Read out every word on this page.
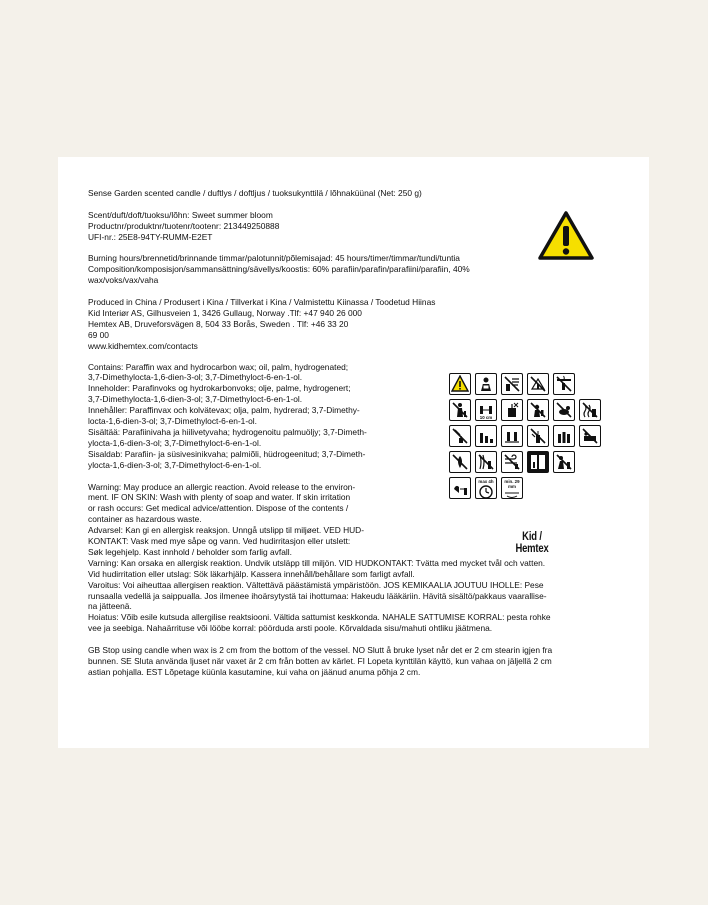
Sense Garden scented candle / duftlys / doftljus / tuoksukynttilä / lõhnaküünal (Net: 250 g)

Scent/duft/doft/tuoksu/lõhn: Sweet summer bloom

Productnr/produktnr/tuotenr/tootenr: 213449250888

UFI-nr.: 25E8-94TY-RUMM-E2ET

Burning hours/brennetid/brinnande timmar/palotunnit/põlemisajad: 45 hours/timer/timmar/tundi/tuntia

Composition/komposisjon/sammansättning/sävellys/koostis: 60% parafiin/parafin/parafiini/parafiin, 40%
wax/voks/vax/vaha

Produced in China / Produsert i Kina / Tillverkat i Kina / Valmistettu Kiinassa / Toodetud Hiinas

Kid Interiør AS, Gilhusveien 1, 3426 Gullaug, Norway .Tlf: +47 940 26 000

Hemtex AB, Druveforsvägen 8, 504 33 Borås, Sweden . Tlf: +46 33 20
69 00

www.kidhemtex.com/contacts

Contains: Paraffin wax and hydrocarbon wax; oil, palm, hydrogenated;
3,7-Dimethylocta-1,6-dien-3-ol; 3,7-Dimethyloct-6-en-1-ol.

Inneholder: Parafinvoks og hydrokarbonvoks; olje, palme, hydrogenert;
3,7-Dimethylocta-1,6-dien-3-ol; 3,7-Dimethyloct-6-en-1-ol.

Innehåller: Paraffinvax och kolvätevax; olja, palm, hydrerad; 3,7-Dimethy-
locta-1,6-dien-3-ol; 3,7-Dimethyloct-6-en-1-ol.

Sisältää: Parafiinivaha ja hiilivetyvaha; hydrogenoitu palmuöljy; 3,7-Dimeth-
ylocta-1,6-dien-3-ol; 3,7-Dimethyloct-6-en-1-ol.

Sisaldab: Parafiin- ja süsivesinikvaha; palmiõli, hüdrogeenitud; 3,7-Dimeth-
ylocta-1,6-dien-3-ol; 3,7-Dimethyloct-6-en-1-ol.

Warning: May produce an allergic reaction. Avoid release to the environ-
ment. IF ON SKIN: Wash with plenty of soap and water. If skin irritation
or rash occurs: Get medical advice/attention. Dispose of the contents /
container as hazardous waste.

Advarsel: Kan gi en allergisk reaksjon. Unngå utslipp til miljøet. VED HUD-
KONTAKT: Vask med mye såpe og vann. Ved hudirritasjon eller utslett:
Søk legehjelp. Kast innhold / beholder som farlig avfall.

Varning: Kan orsaka en allergisk reaktion. Undvik utsläpp till miljön. VID HUDKONTAKT: Tvätta med mycket tvål och vatten.
Vid hudirritation eller utslag: Sök läkarhjälp. Kassera innehåll/behållare som farligt avfall.

Varoitus: Voi aiheuttaa allergisen reaktion. Vältettävä päästämistä ympäristöön. JOS KEMIKAALIA JOUTUU IHOLLE: Pese
runsaalla vedellä ja saippualla. Jos ilmenee ihoärsytystä tai ihottumaa: Hakeudu lääkäriin. Hävitä sisältö/pakkaus vaarallise-
na jätteenä.

Hoiatus: Võib esile kutsuda allergilise reaktsiooni. Vältida sattumist keskkonda. NAHALE SATTUMISE KORRAL: pesta rohke
vee ja seebiga. Nahaärrituse või lööbe korral: pöörduda arsti poole. Kõrvaldada sisu/mahuti ohtliku jäätmena.

GB Stop using candle when wax is 2 cm from the bottom of the vessel. NO Slutt å bruke lyset når det er 2 cm stearin igjen fra
bunnen. SE Sluta använda ljuset när vaxet är 2 cm från botten av kärlet. FI Lopeta kynttilän käyttö, kun vahaa on jäljellä 2 cm
astian pohjalla. EST Lõpetage küünla kasutamine, kui vaha on jäänud anuma põhja 2 cm.

10 cm
max 4h	min. 29 mm
Kid / Hemtex
